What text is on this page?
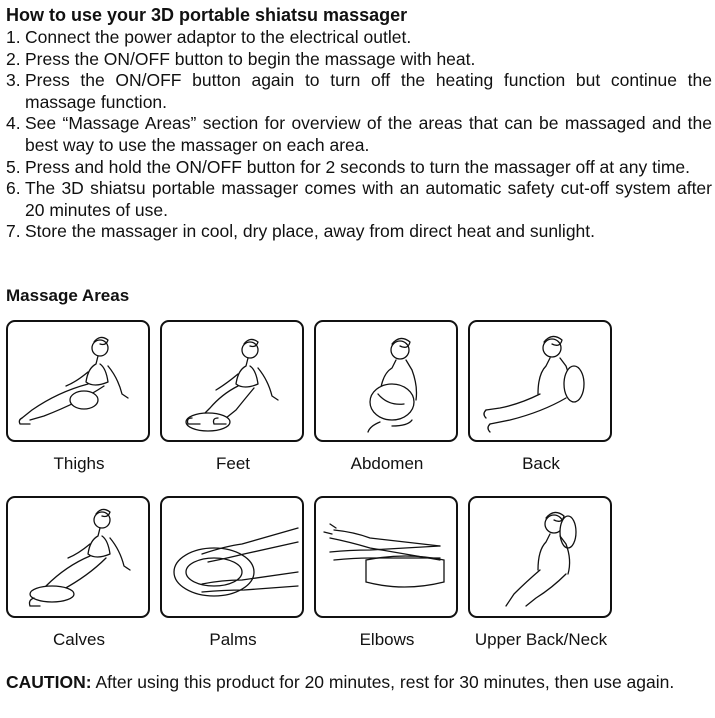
How to use your 3D portable shiatsu massager
1. Connect the power adaptor to the electrical outlet.
2. Press the ON/OFF button to begin the massage with heat.
3. Press the ON/OFF button again to turn off the heating function but continue the massage function.
4. See “Massage Areas” section for overview of the areas that can be massaged and the best way to use the massager on each area.
5. Press and hold the ON/OFF button for 2 seconds to turn the massager off at any time.
6. The 3D shiatsu portable massager comes with an automatic safety cut-off system after 20 minutes of use.
7. Store the massager in cool, dry place, away from direct heat and sunlight.
Massage Areas
Thighs	Feet	Abdomen	Back
Calves	Palms	Elbows	Upper Back/Neck
CAUTION: After using this product for 20 minutes, rest for 30 minutes, then use again.
